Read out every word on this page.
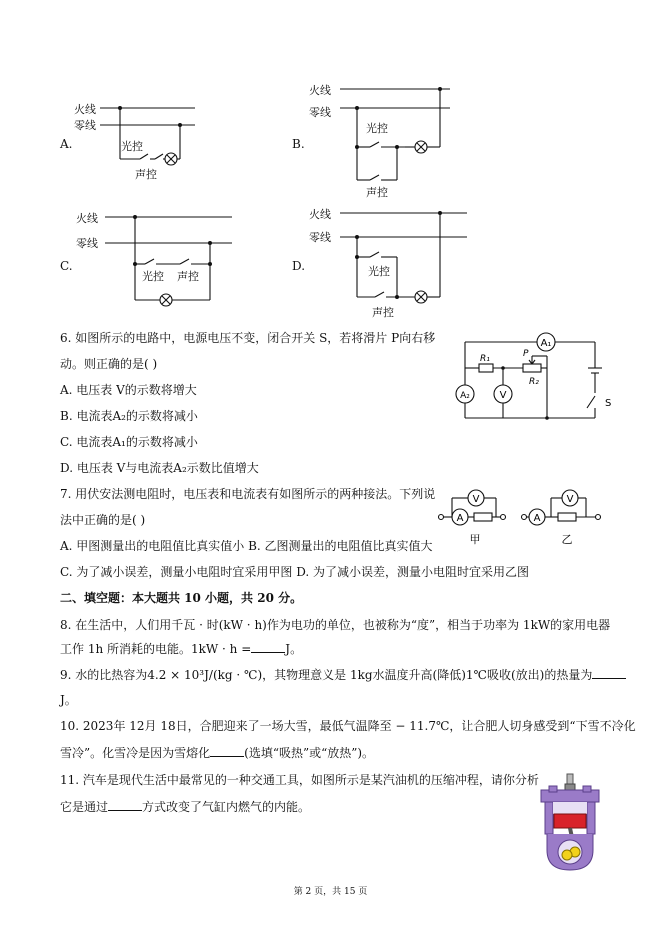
A.
火线
零线
光控
声控
B.
火线
零线
光控
声控
C.
火线
零线
光控 声控
D.
火线
零线
光控
声控
6. 如图所示的电路中，电源电压不变，闭合开关 S，若将滑片 P向右移
动。则正确的是( )
A. 电压表 V的示数将增大
B. 电流表A₂的示数将减小
C. 电流表A₁的示数将减小
D. 电压表 V与电流表A₂示数比值增大
A₁
A₂	V
R₁	P
R₂
S
7. 用伏安法测电阻时，电压表和电流表有如图所示的两种接法。下列说
法中正确的是( )
A. 甲图测量出的电阻值比真实值小 B. 乙图测量出的电阻值比真实值大
C. 为了减小误差，测量小电阻时宜采用甲图 D. 为了减小误差，测量小电阻时宜采用乙图
A
V
A
V
甲	乙
二、填空题：本大题共 10 小题，共 20 分。
8. 在生活中，人们用千瓦 · 时(kW · h)作为电功的单位，也被称为“度”，相当于功率为 1kW的家用电器
工作 1h 所消耗的电能。1kW · h =	J。
9. 水的比热容为4.2 × 10³J/(kg · ℃)，其物理意义是 1kg水温度升高(降低)1℃吸收(放出)的热量为
J。
10. 2023年 12月 18日，合肥迎来了一场大雪，最低气温降至 − 11.7℃，让合肥人切身感受到“下雪不冷化
雪冷”。化雪冷是因为雪熔化	(选填“吸热”或“放热”)。
11. 汽车是现代生活中最常见的一种交通工具，如图所示是某汽油机的压缩冲程，请你分析
它是通过	方式改变了气缸内燃气的内能。
第 2 页，共 15 页
